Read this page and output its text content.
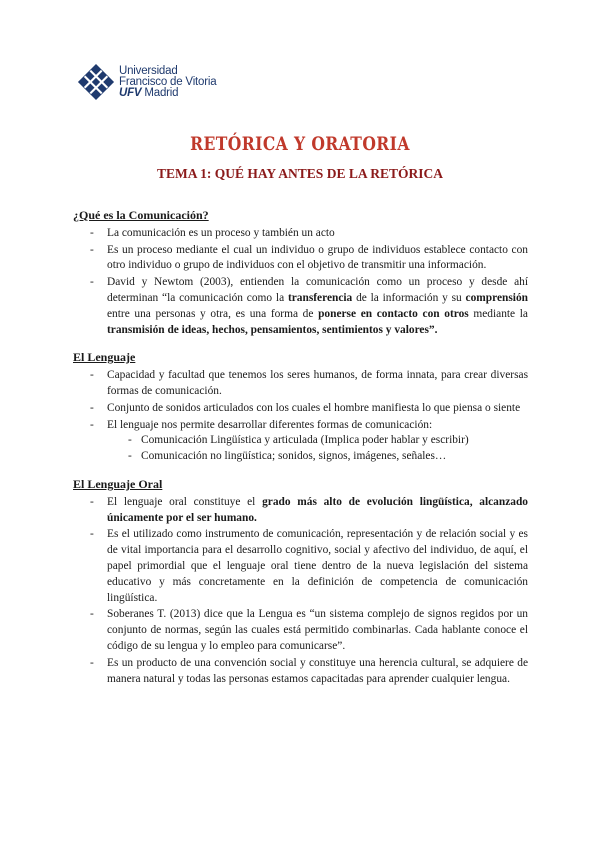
Universidad
Francisco de Vitoria
UFV Madrid
RETÓRICA Y ORATORIA
TEMA 1: QUÉ HAY ANTES DE LA RETÓRICA
¿Qué es la Comunicación?
- La comunicación es un proceso y también un acto
- Es un proceso mediante el cual un individuo o grupo de individuos establece contacto con otro individuo o grupo de individuos con el objetivo de transmitir una información.
- David y Newtom (2003), entienden la comunicación como un proceso y desde ahí determinan “la comunicación como la transferencia de la información y su comprensión entre una personas y otra, es una forma de ponerse en contacto con otros mediante la transmisión de ideas, hechos, pensamientos, sentimientos y valores”.
El Lenguaje
- Capacidad y facultad que tenemos los seres humanos, de forma innata, para crear diversas formas de comunicación.
- Conjunto de sonidos articulados con los cuales el hombre manifiesta lo que piensa o siente
- El lenguaje nos permite desarrollar diferentes formas de comunicación:
- Comunicación Lingüística y articulada (Implica poder hablar y escribir)
- Comunicación no lingüística; sonidos, signos, imágenes, señales…
El Lenguaje Oral
- El lenguaje oral constituye el grado más alto de evolución lingüística, alcanzado únicamente por el ser humano.
- Es el utilizado como instrumento de comunicación, representación y de relación social y es de vital importancia para el desarrollo cognitivo, social y afectivo del individuo, de aquí, el papel primordial que el lenguaje oral tiene dentro de la nueva legislación del sistema educativo y más concretamente en la definición de competencia de comunicación lingüística.
- Soberanes T. (2013) dice que la Lengua es “un sistema complejo de signos regidos por un conjunto de normas, según las cuales está permitido combinarlas. Cada hablante conoce el código de su lengua y lo empleo para comunicarse”.
- Es un producto de una convención social y constituye una herencia cultural, se adquiere de manera natural y todas las personas estamos capacitadas para aprender cualquier lengua.
